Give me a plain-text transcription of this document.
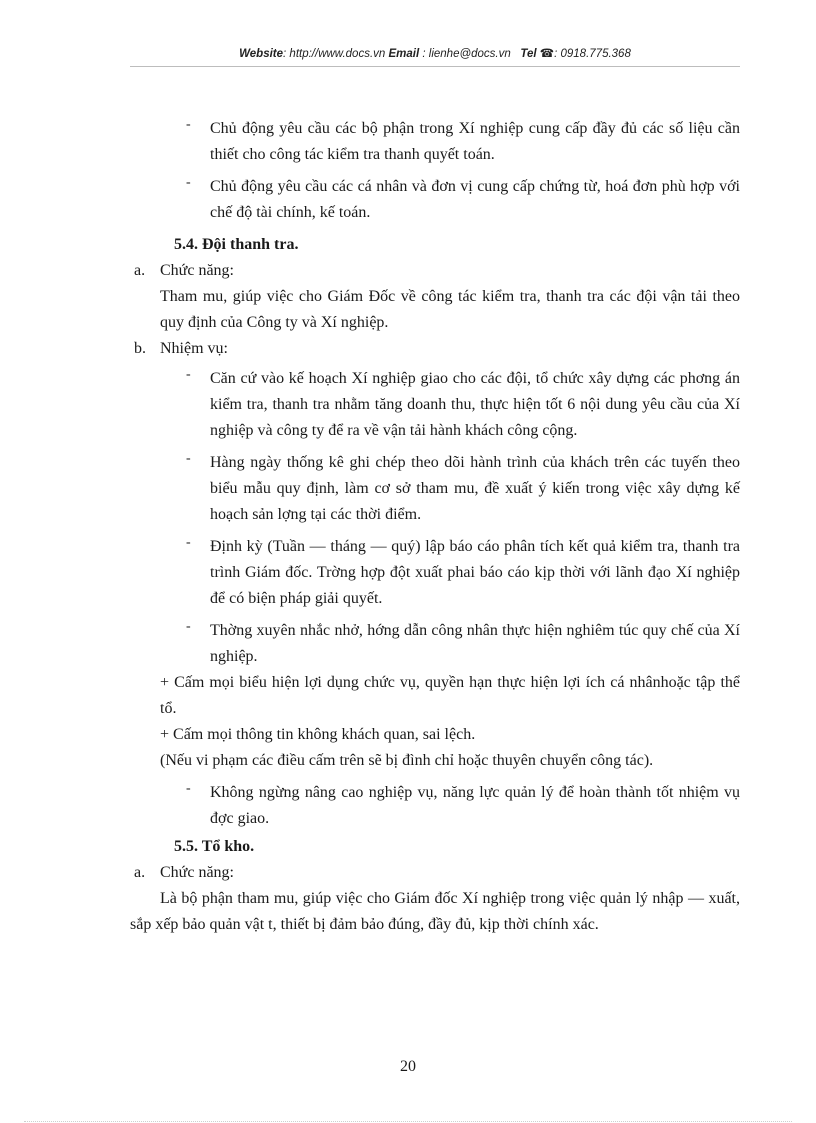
Website: http://www.docs.vn Email : lienhe@docs.vn Tel ☎: 0918.775.368
- Chủ động yêu cầu các bộ phận trong Xí nghiệp cung cấp đầy đủ các số liệu cần thiết cho công tác kiểm tra thanh quyết toán.
- Chủ động yêu cầu các cá nhân và đơn vị cung cấp chứng từ, hoá đơn phù hợp với chế độ tài chính, kế toán.
5.4. Đội thanh tra.
a. Chức năng:
Tham mu, giúp việc cho Giám Đốc về công tác kiểm tra, thanh tra các đội vận tải theo quy định của Công ty và Xí nghiệp.
b. Nhiệm vụ:
- Căn cứ vào kế hoạch Xí nghiệp giao cho các đội, tổ chức xây dựng các phơng án kiểm tra, thanh tra nhằm tăng doanh thu, thực hiện tốt 6 nội dung yêu cầu của Xí nghiệp và công ty để ra về vận tải hành khách công cộng.
- Hàng ngày thống kê ghi chép theo dõi hành trình của khách trên các tuyến theo biểu mẫu quy định, làm cơ sở tham mu, đề xuất ý kiến trong việc xây dựng kế hoạch sản lợng tại các thời điểm.
- Định kỳ (Tuần — tháng — quý) lập báo cáo phân tích kết quả kiểm tra, thanh tra trình Giám đốc. Trờng hợp đột xuất phai báo cáo kịp thời với lãnh đạo Xí nghiệp để có biện pháp giải quyết.
- Thờng xuyên nhắc nhở, hớng dẫn công nhân thực hiện nghiêm túc quy chế của Xí nghiệp.
+ Cấm mọi biểu hiện lợi dụng chức vụ, quyền hạn thực hiện lợi ích cá nhânhoặc tập thể tổ.
+ Cấm mọi thông tin không khách quan, sai lệch.
(Nếu vi phạm các điều cấm trên sẽ bị đình chỉ hoặc thuyên chuyển công tác).
- Không ngừng nâng cao nghiệp vụ, năng lực quản lý để hoàn thành tốt nhiệm vụ đợc giao.
5.5. Tổ kho.
a. Chức năng:
Là bộ phận tham mu, giúp việc cho Giám đốc Xí nghiệp trong việc quản lý nhập — xuất, sắp xếp bảo quản vật t, thiết bị đảm bảo đúng, đầy đủ, kịp thời chính xác.
20
